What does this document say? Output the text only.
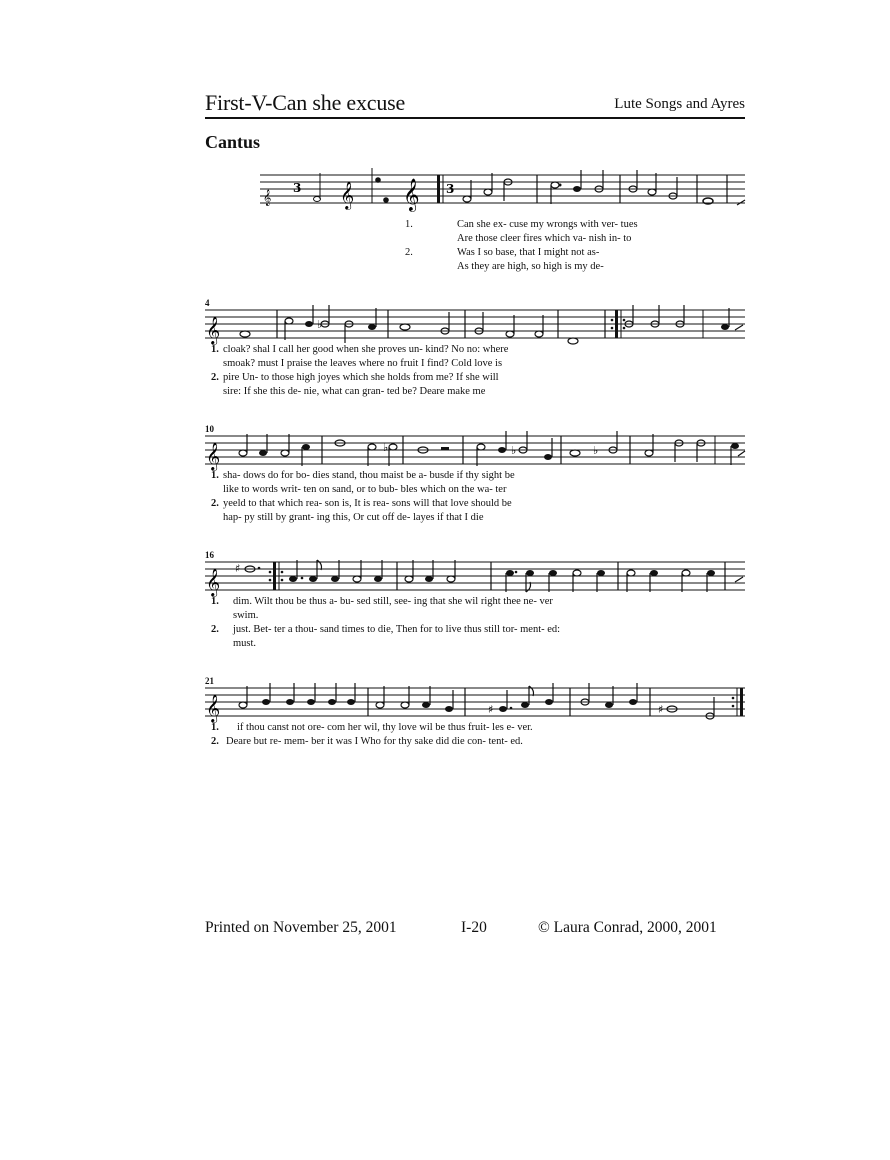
First-V-Can she excuse	Lute Songs and Ayres
Cantus
𝄞
3 𝄞 𝄞 3
1.	Can she ex- cuse my wrongs with ver- tues
Are those cleer fires which va- nish in- to
2.	Was I so base, that I might not as-
As they are high, so high is my de-
4
𝄞	♭
1. cloak? shal I call her good when she proves un- kind? No no: where
smoak? must I praise the leaves where no fruit I find? Cold love is
2. pire Un- to those high joyes which she holds from me? If she will
sire: If she this de- nie, what can gran- ted be? Deare make me
10
𝄞	♭	♭	♭
1. sha- dows do for bo- dies stand, thou maist be a- busde if thy sight be
like to words writ- ten on sand, or to bub- bles which on the wa- ter
2. yeeld to that which rea- son is, It is rea- sons will that love should be
hap- py still by grant- ing this, Or cut off de- layes if that I die
16
𝄞 ♯
1. dim. Wilt thou be thus a- bu- sed still, see- ing that she wil right thee ne- ver
swim.
2. just. Bet- ter a thou- sand times to die, Then for to live thus still tor- ment- ed:
must.
21
𝄞	♯	♯
1. if thou canst not ore- com her wil, thy love wil be thus fruit- les e- ver.
2. Deare but re- mem- ber it was I Who for thy sake did die con- tent- ed.
Printed on November 25, 2001	I-20	© Laura Conrad, 2000, 2001
